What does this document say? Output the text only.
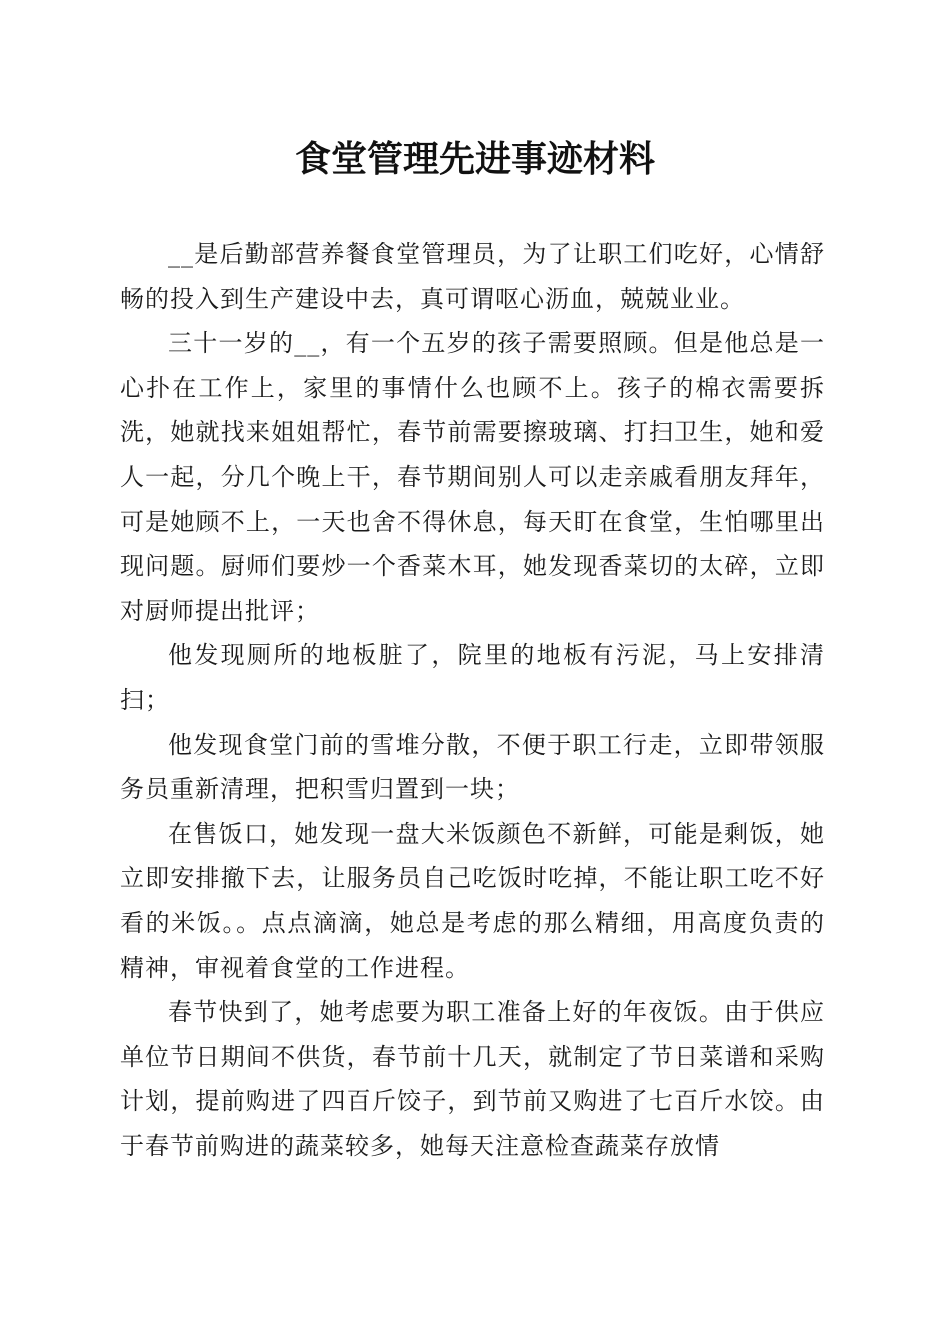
食堂管理先进事迹材料

__是后勤部营养餐食堂管理员，为了让职工们吃好，心情舒畅的投入到生产建设中去，真可谓呕心沥血，兢兢业业。

三十一岁的__，有一个五岁的孩子需要照顾。但是他总是一心扑在工作上，家里的事情什么也顾不上。孩子的棉衣需要拆洗，她就找来姐姐帮忙，春节前需要擦玻璃、打扫卫生，她和爱人一起，分几个晚上干，春节期间别人可以走亲戚看朋友拜年，可是她顾不上，一天也舍不得休息，每天盯在食堂，生怕哪里出现问题。厨师们要炒一个香菜木耳，她发现香菜切的太碎，立即对厨师提出批评；

他发现厕所的地板脏了，院里的地板有污泥，马上安排清扫；

他发现食堂门前的雪堆分散，不便于职工行走，立即带领服务员重新清理，把积雪归置到一块；

在售饭口，她发现一盘大米饭颜色不新鲜，可能是剩饭，她立即安排撤下去，让服务员自己吃饭时吃掉，不能让职工吃不好看的米饭。。点点滴滴，她总是考虑的那么精细，用高度负责的精神，审视着食堂的工作进程。

春节快到了，她考虑要为职工准备上好的年夜饭。由于供应单位节日期间不供货，春节前十几天，就制定了节日菜谱和采购计划，提前购进了四百斤饺子，到节前又购进了七百斤水饺。由于春节前购进的蔬菜较多，她每天注意检查蔬菜存放情
